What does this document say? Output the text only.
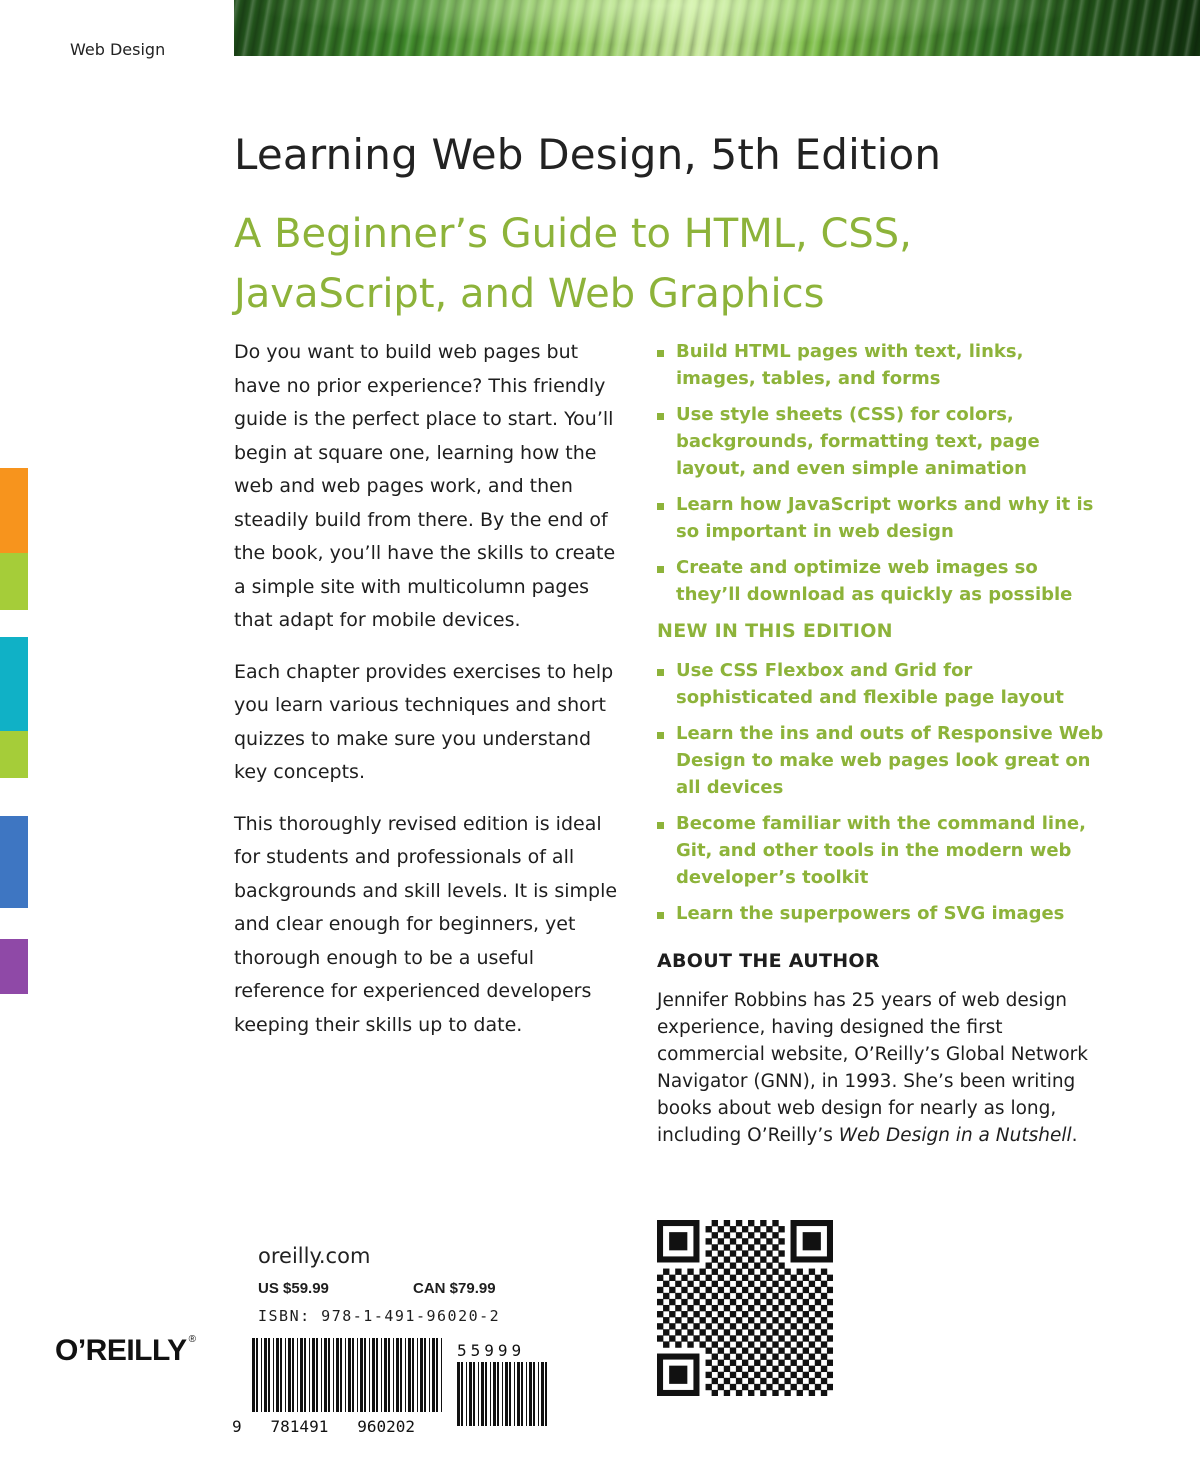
Web Design
Learning Web Design, 5th Edition
A Beginner’s Guide to HTML, CSS, JavaScript, and Web Graphics

Do you want to build web pages but have no prior experience? This friendly guide is the perfect place to start. You’ll begin at square one, learning how the web and web pages work, and then steadily build from there. By the end of the book, you’ll have the skills to create a simple site with multicolumn pages that adapt for mobile devices.

Each chapter provides exercises to help you learn various techniques and short quizzes to make sure you understand key concepts.

This thoroughly revised edition is ideal for students and professionals of all backgrounds and skill levels. It is simple and clear enough for beginners, yet thorough enough to be a useful reference for experienced developers keeping their skills up to date.

Build HTML pages with text, links, images, tables, and forms
Use style sheets (CSS) for colors, backgrounds, formatting text, page layout, and even simple animation
Learn how JavaScript works and why it is so important in web design
Create and optimize web images so they’ll download as quickly as possible
NEW IN THIS EDITION
Use CSS Flexbox and Grid for sophisticated and flexible page layout
Learn the ins and outs of Responsive Web Design to make web pages look great on all devices
Become familiar with the command line, Git, and other tools in the modern web developer’s toolkit
Learn the superpowers of SVG images
ABOUT THE AUTHOR

Jennifer Robbins has 25 years of web design experience, having designed the first commercial website, O’Reilly’s Global Network Navigator (GNN), in 1993. She’s been writing books about web design for nearly as long, including O’Reilly’s Web Design in a Nutshell.

oreilly.com
US $59.99	CAN $79.99
ISBN: 978-1-491-96020-2
O’REILLY ®
9   781491   960202
55999
